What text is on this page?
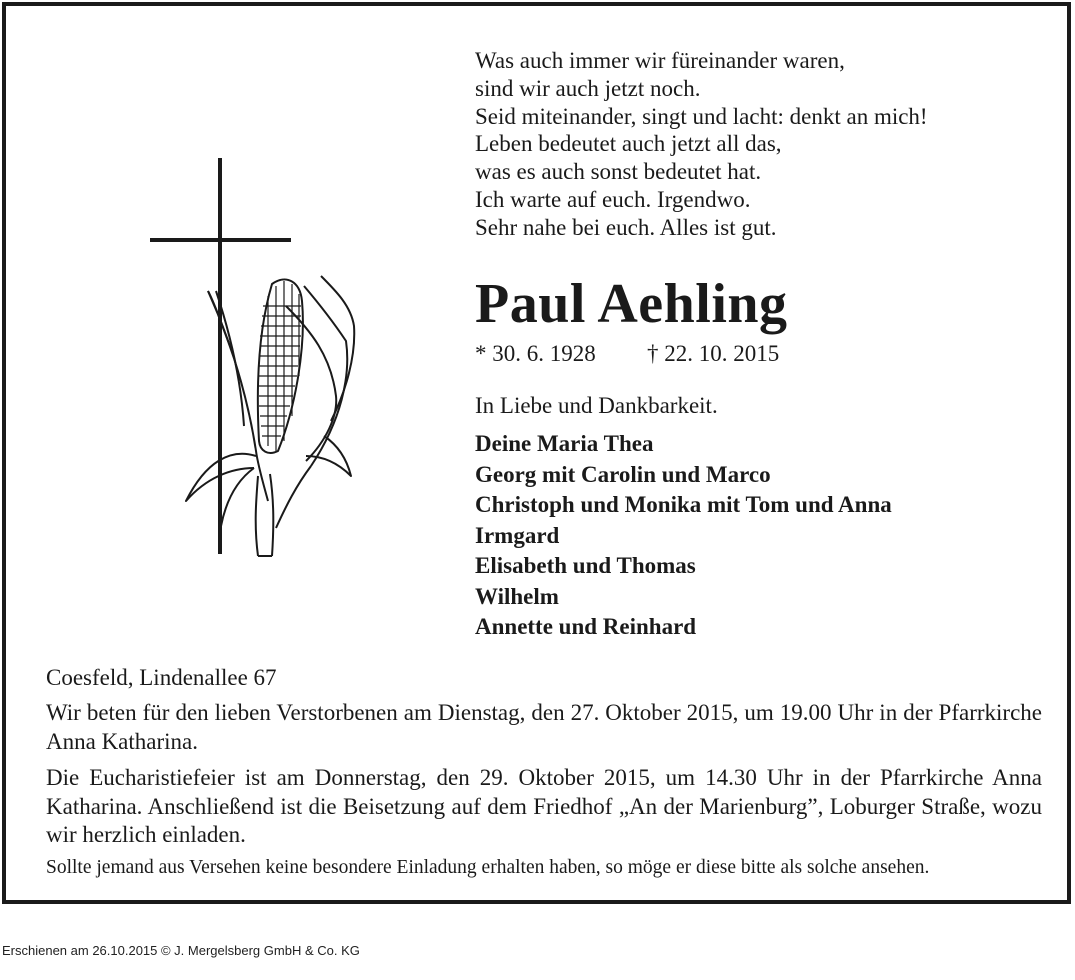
Was auch immer wir füreinander waren,
sind wir auch jetzt noch.
Seid miteinander, singt und lacht: denkt an mich!
Leben bedeutet auch jetzt all das,
was es auch sonst bedeutet hat.
Ich warte auf euch. Irgendwo.
Sehr nahe bei euch. Alles ist gut.
Paul Aehling
* 30. 6. 1928 † 22. 10. 2015
In Liebe und Dankbarkeit.
Deine Maria Thea
Georg mit Carolin und Marco
Christoph und Monika mit Tom und Anna
Irmgard
Elisabeth und Thomas
Wilhelm
Annette und Reinhard
Coesfeld, Lindenallee 67

Wir beten für den lieben Verstorbenen am Dienstag, den 27. Oktober 2015, um 19.00 Uhr in der Pfarrkirche Anna Katharina.

Die Eucharistiefeier ist am Donnerstag, den 29. Oktober 2015, um 14.30 Uhr in der Pfarrkirche Anna Katharina. Anschließend ist die Beisetzung auf dem Friedhof „An der Marienburg”, Loburger Straße, wozu wir herzlich einladen.

Sollte jemand aus Versehen keine besondere Einladung erhalten haben, so möge er diese bitte als solche ansehen.
Erschienen am 26.10.2015 © J. Mergelsberg GmbH & Co. KG
